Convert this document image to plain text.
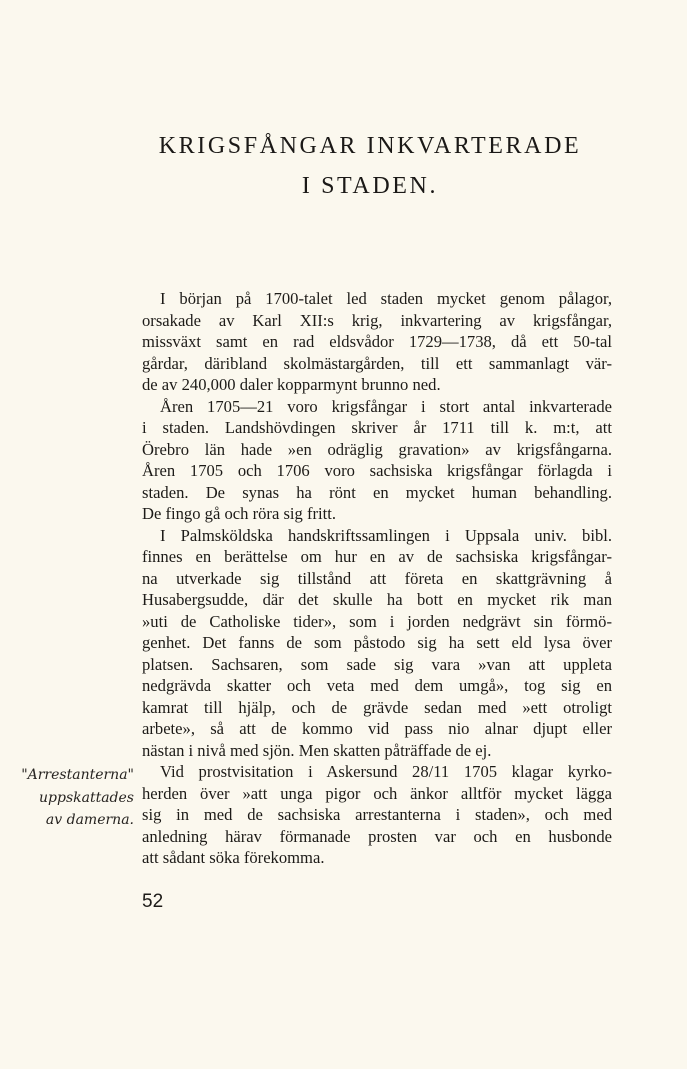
KRIGSFÅNGAR INKVARTERADE
I STADEN.
I början på 1700-talet led staden mycket genom pålagor,
orsakade av Karl XII:s krig, inkvartering av krigsfångar,
missväxt samt en rad eldsvådor 1729—1738, då ett 50-tal
gårdar, däribland skolmästargården, till ett sammanlagt vär-
de av 240,000 daler kopparmynt brunno ned.
Åren 1705—21 voro krigsfångar i stort antal inkvarterade
i staden. Landshövdingen skriver år 1711 till k. m:t, att
Örebro län hade »en odräglig gravation» av krigsfångarna.
Åren 1705 och 1706 voro sachsiska krigsfångar förlagda i
staden. De synas ha rönt en mycket human behandling.
De fingo gå och röra sig fritt.
I Palmsköldska handskriftssamlingen i Uppsala univ. bibl.
finnes en berättelse om hur en av de sachsiska krigsfångar-
na utverkade sig tillstånd att företa en skattgrävning å
Husabergsudde, där det skulle ha bott en mycket rik man
»uti de Catholiske tider», som i jorden nedgrävt sin förmö-
genhet. Det fanns de som påstodo sig ha sett eld lysa över
platsen. Sachsaren, som sade sig vara »van att uppleta
nedgrävda skatter och veta med dem umgå», tog sig en
kamrat till hjälp, och de grävde sedan med »ett otroligt
arbete», så att de kommo vid pass nio alnar djupt eller
nästan i nivå med sjön. Men skatten påträffade de ej.
Vid prostvisitation i Askersund 28/11 1705 klagar kyrko-
herden över »att unga pigor och änkor alltför mycket lägga
sig in med de sachsiska arrestanterna i staden», och med
anledning härav förmanade prosten var och en husbonde
att sådant söka förekomma.
"Arrestanterna"
uppskattades
av damerna.
52
